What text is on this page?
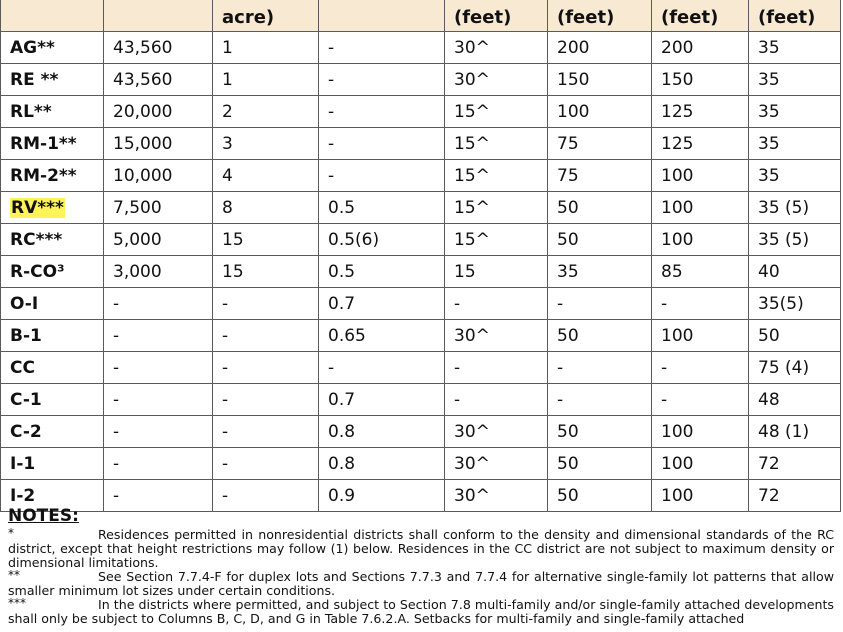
		acre)		(feet)	(feet)	(feet)	(feet)
AG**	43,560	1	-	30^	200	200	35
RE **	43,560	1	-	30^	150	150	35
RL**	20,000	2	-	15^	100	125	35
RM-1**	15,000	3	-	15^	75	125	35
RM-2**	10,000	4	-	15^	75	100	35
RV***	7,500	8	0.5	15^	50	100	35 (5)
RC***	5,000	15	0.5(6)	15^	50	100	35 (5)
R-CO³	3,000	15	0.5	15	35	85	40
O-I	-	-	0.7	-	-	-	35(5)
B-1	-	-	0.65	30^	50	100	50
CC	-	-	-	-	-	-	75 (4)
C-1	-	-	0.7	-	-	-	48
C-2	-	-	0.8	30^	50	100	48 (1)
I-1	-	-	0.8	30^	50	100	72
I-2	-	-	0.9	30^	50	100	72
NOTES:

*	Residences permitted in nonresidential districts shall conform to the density and dimensional standards of the RC district, except that height restrictions may follow (1) below. Residences in the CC district are not subject to maximum density or dimensional limitations.

**	See Section 7.7.4-F for duplex lots and Sections 7.7.3 and 7.7.4 for alternative single-family lot patterns that allow smaller minimum lot sizes under certain conditions.

***	In the districts where permitted, and subject to Section 7.8 multi-family and/or single-family attached developments shall only be subject to Columns B, C, D, and G in Table 7.6.2.A. Setbacks for multi-family and single-family attached
